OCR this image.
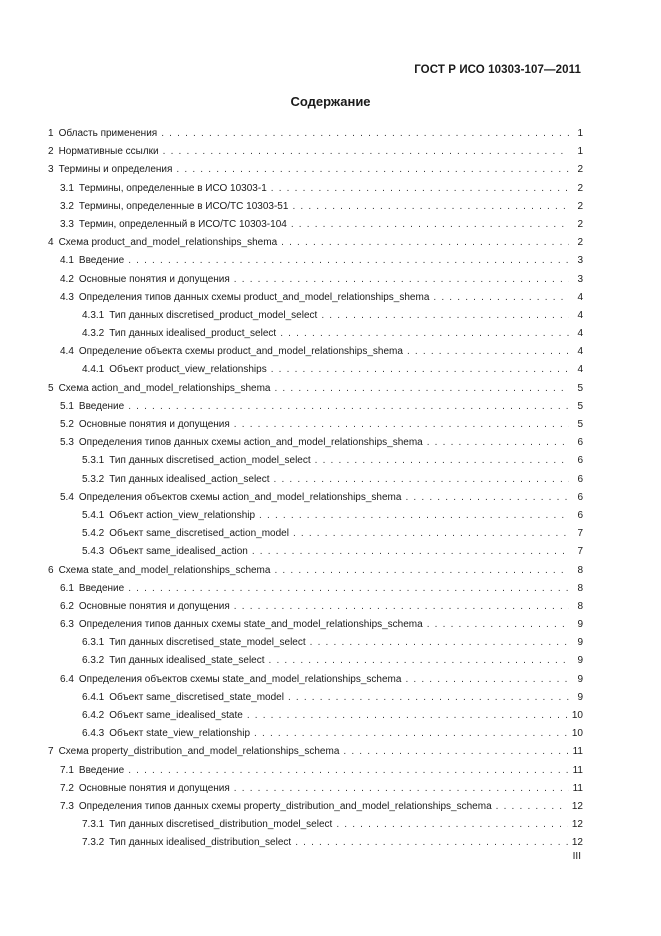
ГОСТ Р ИСО 10303-107—2011
Содержание
1 Область применения . . .	1
2 Нормативные ссылки . . .	1
3 Термины и определения . . .	2
3.1 Термины, определенные в ИСО 10303-1 . . .	2
3.2 Термины, определенные в ИСО/ТС 10303-51 . . .	2
3.3 Термин, определенный в ИСО/ТС 10303-104 . . .	2
4 Схема product_and_model_relationships_shema . . .	2
4.1 Введение . . .	3
4.2 Основные понятия и допущения . . .	3
4.3 Определения типов данных схемы product_and_model_relationships_shema . . .	4
4.3.1 Тип данных discretised_product_model_select . . .	4
4.3.2 Тип данных idealised_product_select . . .	4
4.4 Определение объекта схемы product_and_model_relationships_shema . . .	4
4.4.1 Объект product_view_relationships . . .	4
5 Схема action_and_model_relationships_shema . . .	5
5.1 Введение . . .	5
5.2 Основные понятия и допущения . . .	5
5.3 Определения типов данных схемы action_and_model_relationships_shema . . .	6
5.3.1 Тип данных discretised_action_model_select . . .	6
5.3.2 Тип данных idealised_action_select . . .	6
5.4 Определения объектов схемы action_and_model_relationships_shema . . .	6
5.4.1 Объект action_view_relationship . . .	6
5.4.2 Объект same_discretised_action_model . . .	7
5.4.3 Объект same_idealised_action . . .	7
6 Схема state_and_model_relationships_schema . . .	8
6.1 Введение . . .	8
6.2 Основные понятия и допущения . . .	8
6.3 Определения типов данных схемы state_and_model_relationships_schema . . .	9
6.3.1 Тип данных discretised_state_model_select . . .	9
6.3.2 Тип данных idealised_state_select . . .	9
6.4 Определения объектов схемы state_and_model_relationships_schema . . .	9
6.4.1 Объект same_discretised_state_model . . .	9
6.4.2 Объект same_idealised_state . . .	10
6.4.3 Объект state_view_relationship . . .	10
7 Схема property_distribution_and_model_relationships_schema . . .	11
7.1 Введение . . .	11
7.2 Основные понятия и допущения . . .	11
7.3 Определения типов данных схемы property_distribution_and_model_relationships_schema . . .	12
7.3.1 Тип данных discretised_distribution_model_select . . .	12
7.3.2 Тип данных idealised_distribution_select . . .	12
III
